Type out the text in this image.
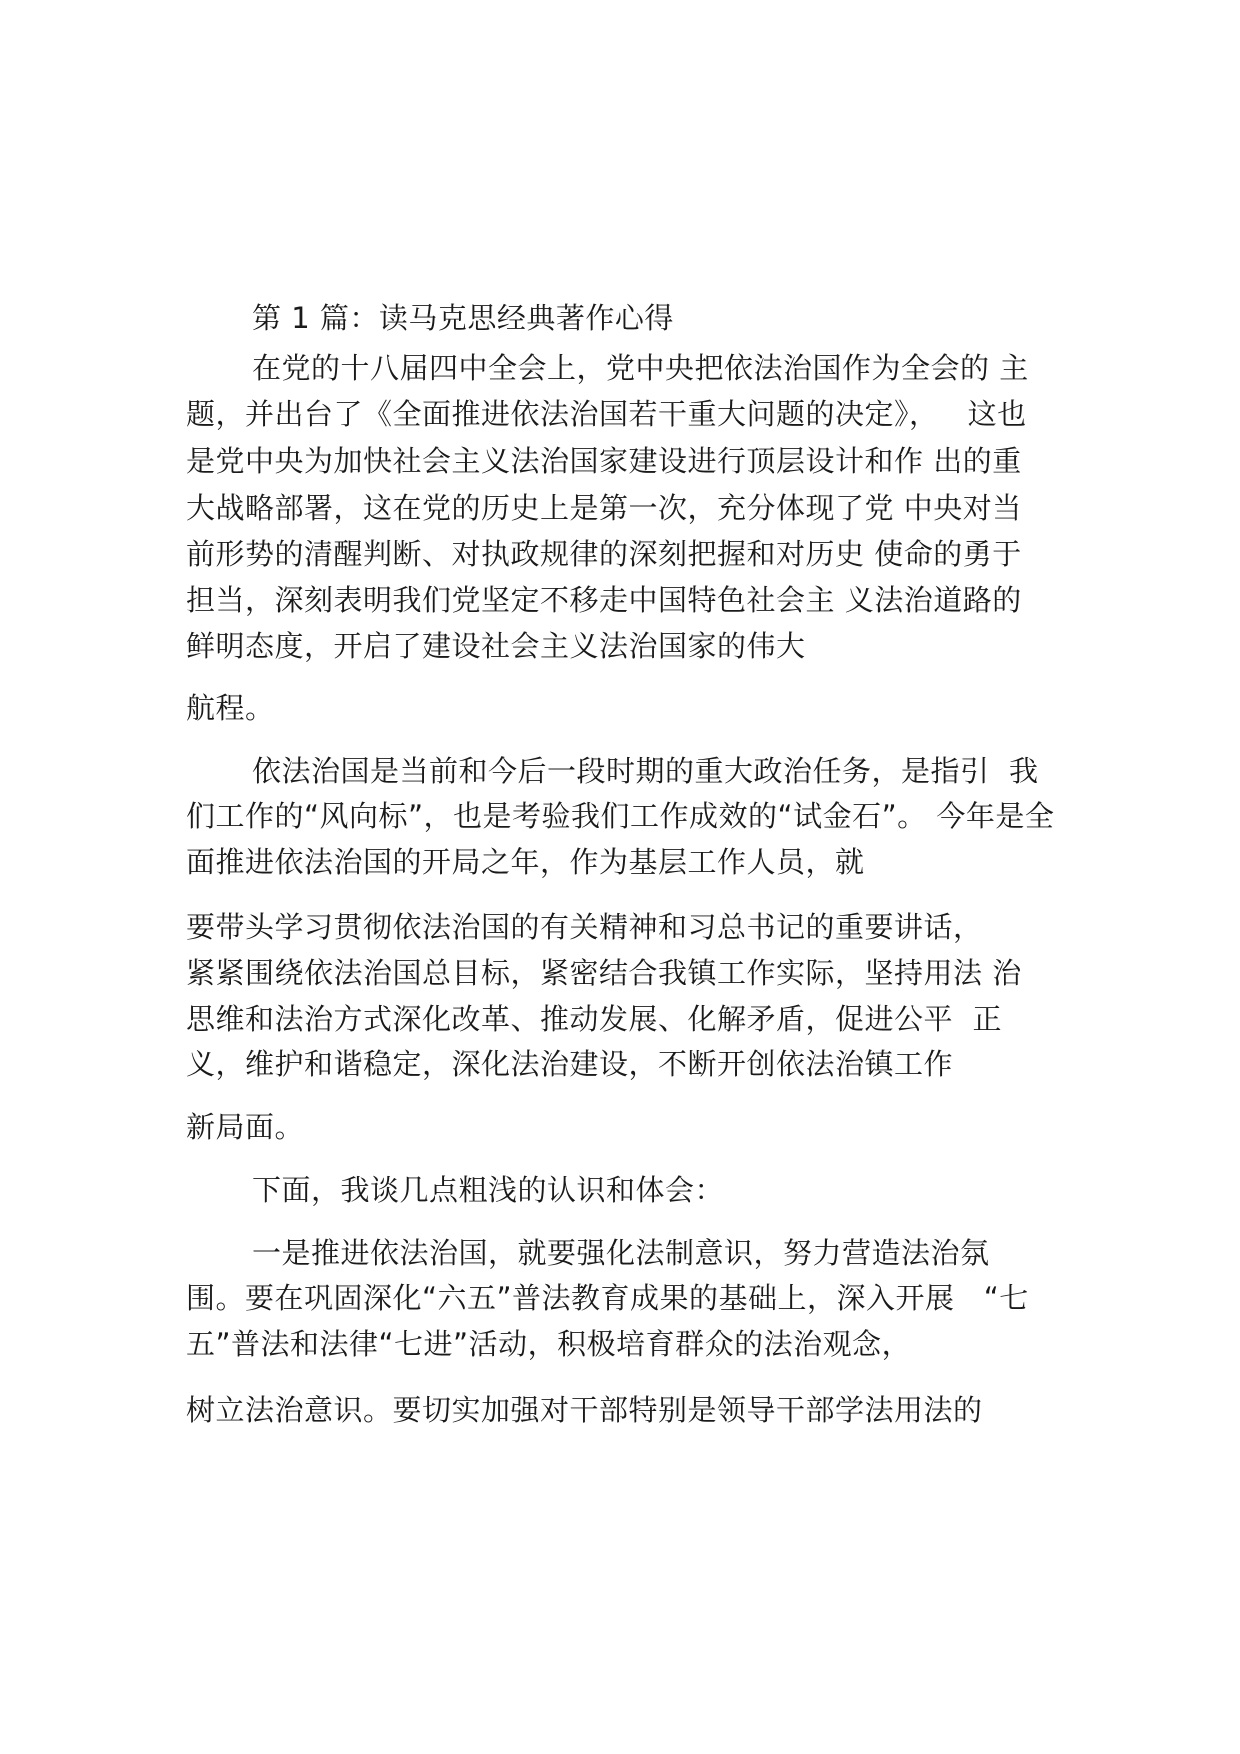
第 1 篇：读马克思经典著作心得
在党的十八届四中全会上，党中央把依法治国作为全会的 主
题，并出台了《全面推进依法治国若干重大问题的决定》，   这也
是党中央为加快社会主义法治国家建设进行顶层设计和作 出的重
大战略部署，这在党的历史上是第一次，充分体现了党 中央对当
前形势的清醒判断、对执政规律的深刻把握和对历史 使命的勇于
担当，深刻表明我们党坚定不移走中国特色社会主 义法治道路的
鲜明态度，开启了建设社会主义法治国家的伟大
航程。
依法治国是当前和今后一段时期的重大政治任务，是指引  我
们工作的“风向标”，也是考验我们工作成效的“试金石”。 今年是全
面推进依法治国的开局之年，作为基层工作人员，就
要带头学习贯彻依法治国的有关精神和习总书记的重要讲话，
紧紧围绕依法治国总目标，紧密结合我镇工作实际，坚持用法 治
思维和法治方式深化改革、推动发展、化解矛盾，促进公平  正
义，维护和谐稳定，深化法治建设，不断开创依法治镇工作
新局面。
下面，我谈几点粗浅的认识和体会：
一是推进依法治国，就要强化法制意识，努力营造法治氛
围。要在巩固深化“六五”普法教育成果的基础上，深入开展   “七
五”普法和法律“七进”活动，积极培育群众的法治观念，
树立法治意识。要切实加强对干部特别是领导干部学法用法的
